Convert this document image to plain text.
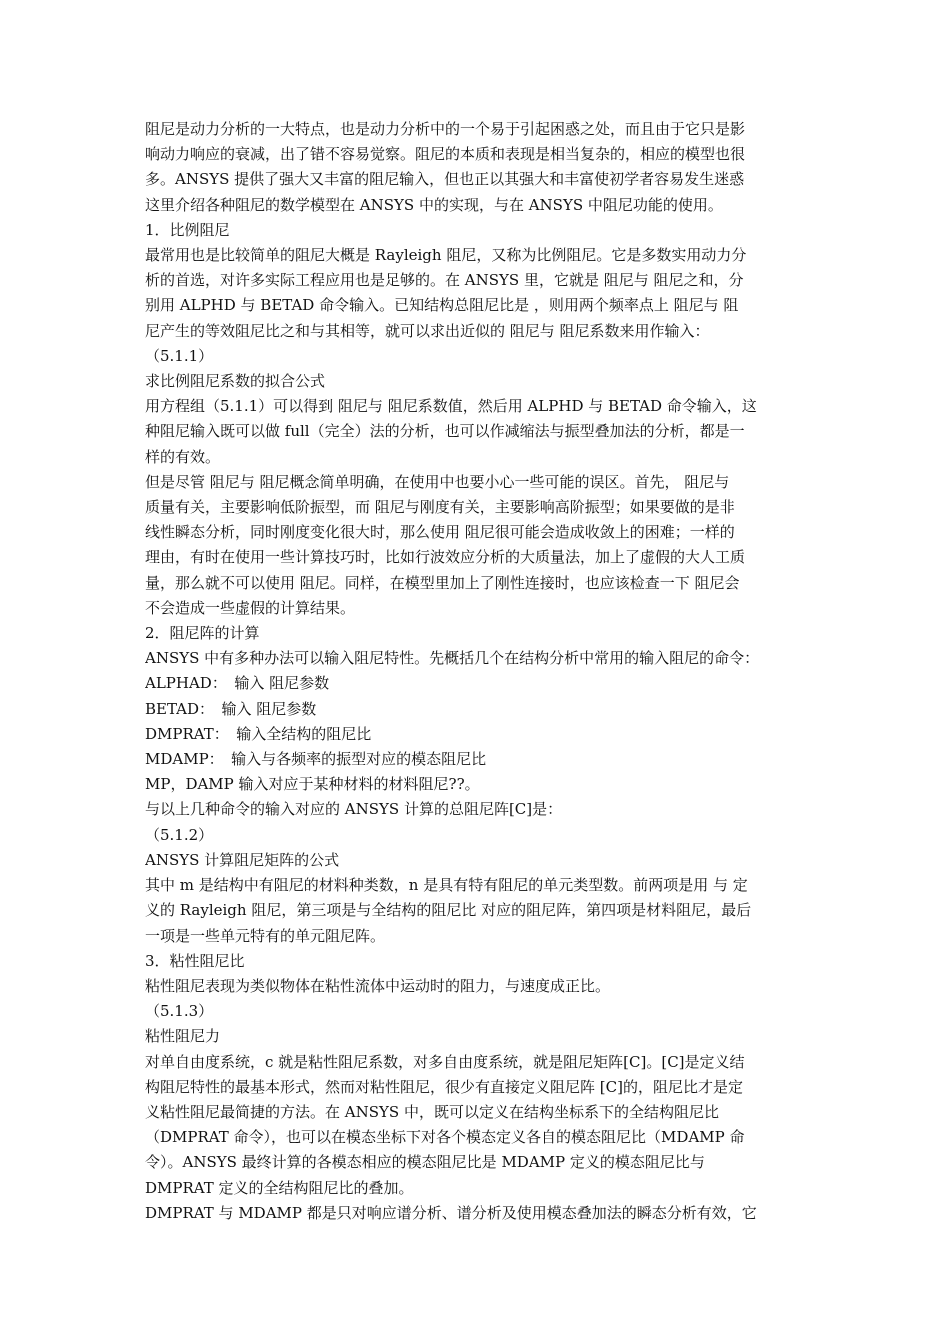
阻尼是动力分析的一大特点，也是动力分析中的一个易于引起困惑之处，而且由于它只是影
响动力响应的衰减，出了错不容易觉察。阻尼的本质和表现是相当复杂的，相应的模型也很
多。ANSYS 提供了强大又丰富的阻尼输入，但也正以其强大和丰富使初学者容易发生迷惑
这里介绍各种阻尼的数学模型在 ANSYS 中的实现，与在 ANSYS 中阻尼功能的使用。

1．比例阻尼

最常用也是比较简单的阻尼大概是 Rayleigh 阻尼，又称为比例阻尼。它是多数实用动力分
析的首选，对许多实际工程应用也是足够的。在 ANSYS 里，它就是 阻尼与 阻尼之和，分
别用 ALPHD 与 BETAD 命令输入。已知结构总阻尼比是 ，则用两个频率点上 阻尼与 阻
尼产生的等效阻尼比之和与其相等，就可以求出近似的 阻尼与 阻尼系数来用作输入：

（5.1.1）

求比例阻尼系数的拟合公式

用方程组（5.1.1）可以得到 阻尼与 阻尼系数值，然后用 ALPHD 与 BETAD 命令输入，这
种阻尼输入既可以做 full（完全）法的分析，也可以作减缩法与振型叠加法的分析，都是一
样的有效。

但是尽管 阻尼与 阻尼概念简单明确，在使用中也要小心一些可能的误区。首先， 阻尼与
质量有关，主要影响低阶振型，而 阻尼与刚度有关，主要影响高阶振型；如果要做的是非
线性瞬态分析，同时刚度变化很大时，那么使用 阻尼很可能会造成收敛上的困难；一样的
理由，有时在使用一些计算技巧时，比如行波效应分析的大质量法，加上了虚假的大人工质
量，那么就不可以使用 阻尼。同样，在模型里加上了刚性连接时，也应该检查一下 阻尼会
不会造成一些虚假的计算结果。

2．阻尼阵的计算

ANSYS 中有多种办法可以输入阻尼特性。先概括几个在结构分析中常用的输入阻尼的命令：

ALPHAD：　输入 阻尼参数

BETAD：　输入 阻尼参数

DMPRAT：　输入全结构的阻尼比

MDAMP：　输入与各频率的振型对应的模态阻尼比

MP，DAMP 输入对应于某种材料的材料阻尼??。

与以上几种命令的输入对应的 ANSYS 计算的总阻尼阵[C]是：

（5.1.2）

ANSYS 计算阻尼矩阵的公式

其中 m 是结构中有阻尼的材料种类数，n 是具有特有阻尼的单元类型数。前两项是用 与 定
义的 Rayleigh 阻尼，第三项是与全结构的阻尼比 对应的阻尼阵，第四项是材料阻尼，最后
一项是一些单元特有的单元阻尼阵。

3．粘性阻尼比

粘性阻尼表现为类似物体在粘性流体中运动时的阻力，与速度成正比。

（5.1.3）

粘性阻尼力

对单自由度系统，c 就是粘性阻尼系数，对多自由度系统，就是阻尼矩阵[C]。[C]是定义结
构阻尼特性的最基本形式，然而对粘性阻尼，很少有直接定义阻尼阵 [C]的，阻尼比才是定
义粘性阻尼最简捷的方法。在 ANSYS 中，既可以定义在结构坐标系下的全结构阻尼比
（DMPRAT 命令），也可以在模态坐标下对各个模态定义各自的模态阻尼比（MDAMP 命
令）。ANSYS 最终计算的各模态相应的模态阻尼比是 MDAMP 定义的模态阻尼比与
DMPRAT 定义的全结构阻尼比的叠加。

DMPRAT 与 MDAMP 都是只对响应谱分析、谱分析及使用模态叠加法的瞬态分析有效，它
